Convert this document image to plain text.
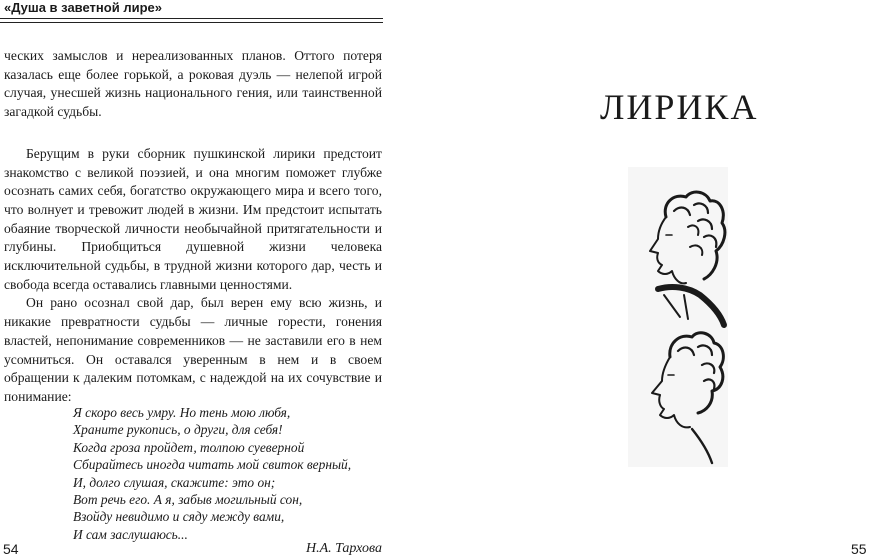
«Душа в заветной лире»

ческих замыслов и нереализованных планов. Оттого потеря казалась еще более горькой, а роковая дуэль — нелепой игрой случая, унесшей жизнь национального гения, или таинственной загадкой судьбы.

Берущим в руки сборник пушкинской лирики предстоит знакомство с великой поэзией, и она многим поможет глубже осознать самих себя, богатство окружающего мира и всего того, что волнует и тревожит людей в жизни. Им предстоит испытать обаяние творческой личности необычайной притягательности и глубины. Приобщиться душевной жизни человека исключительной судьбы, в трудной жизни которого дар, честь и свобода всегда оставались главными ценностями.

Он рано осознал свой дар, был верен ему всю жизнь, и никакие превратности судьбы — личные горести, гонения властей, непонимание современников — не заставили его в нем усомниться. Он оставался уверенным в нем и в своем обращении к далеким потомкам, с надеждой на их сочувствие и понимание:

Я скоро весь умру. Но тень мою любя,
Храните рукопись, о други, для себя!
Когда гроза пройдет, толпою суеверной
Сбирайтесь иногда читать мой свиток верный,
И, долго слушая, скажите: это он;
Вот речь его. А я, забыв могильный сон,
Взойду невидимо и сяду между вами,
И сам заслушаюсь...
54	Н.А. Тархова
ЛИРИКА
55
